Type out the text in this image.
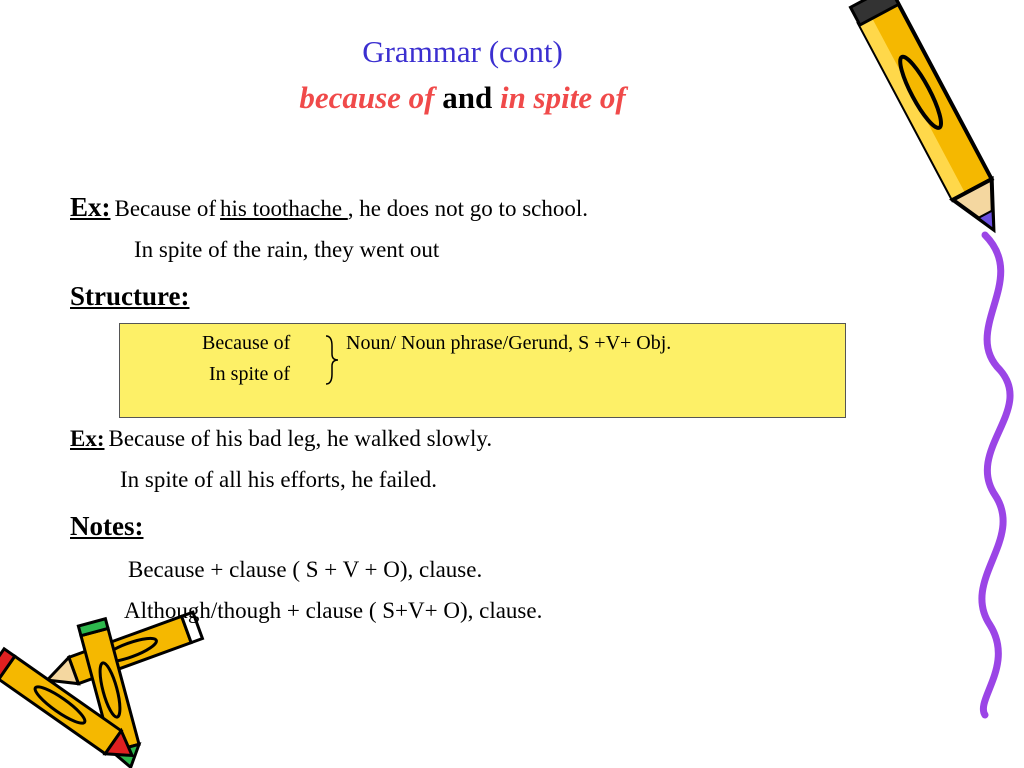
Grammar (cont)
because of and in spite of
Ex: Because of his toothache , he does not go to school.
In spite of the rain, they went out
Structure:
Because of
In spite of
Noun/ Noun phrase/Gerund, S +V+ Obj.
Ex: Because of his bad leg, he walked slowly.
In spite of all his efforts, he failed.
Notes:
Because + clause ( S + V + O), clause.
Although/though + clause ( S+V+ O), clause.
